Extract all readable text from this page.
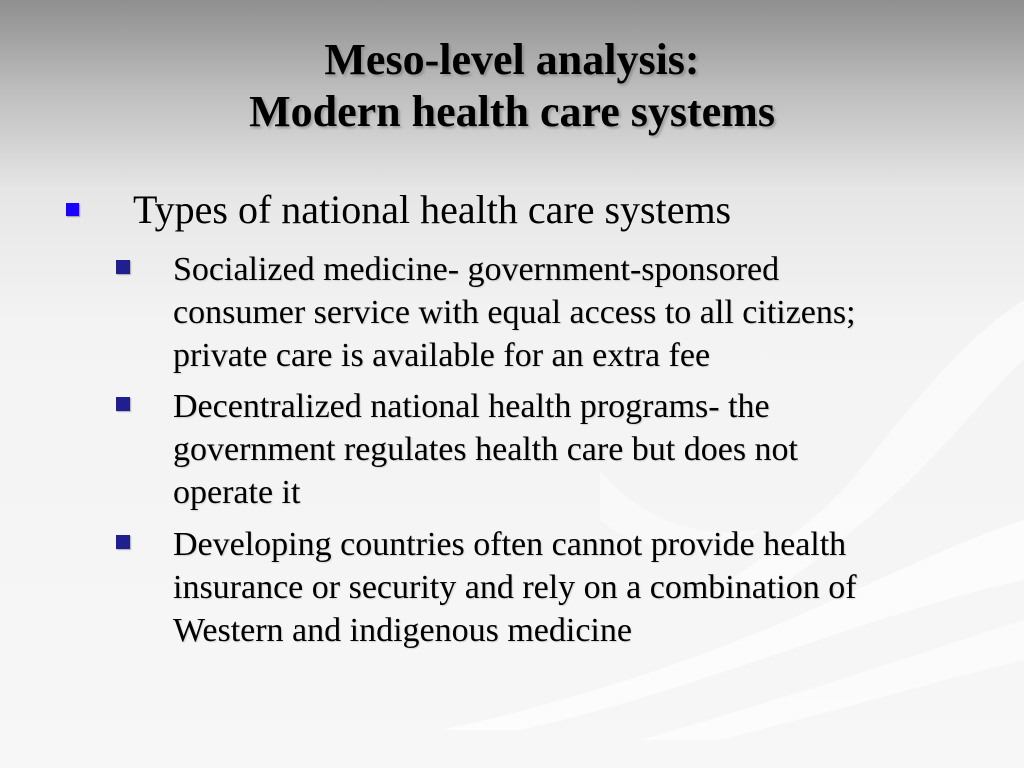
Meso-level analysis:
Modern health care systems
Types of national health care systems
Socialized medicine- government-sponsored
consumer service with equal access to all citizens;
private care is available for an extra fee
Decentralized national health programs- the
government regulates health care but does not
operate it
Developing countries often cannot provide health
insurance or security and rely on a combination of
Western and indigenous medicine
